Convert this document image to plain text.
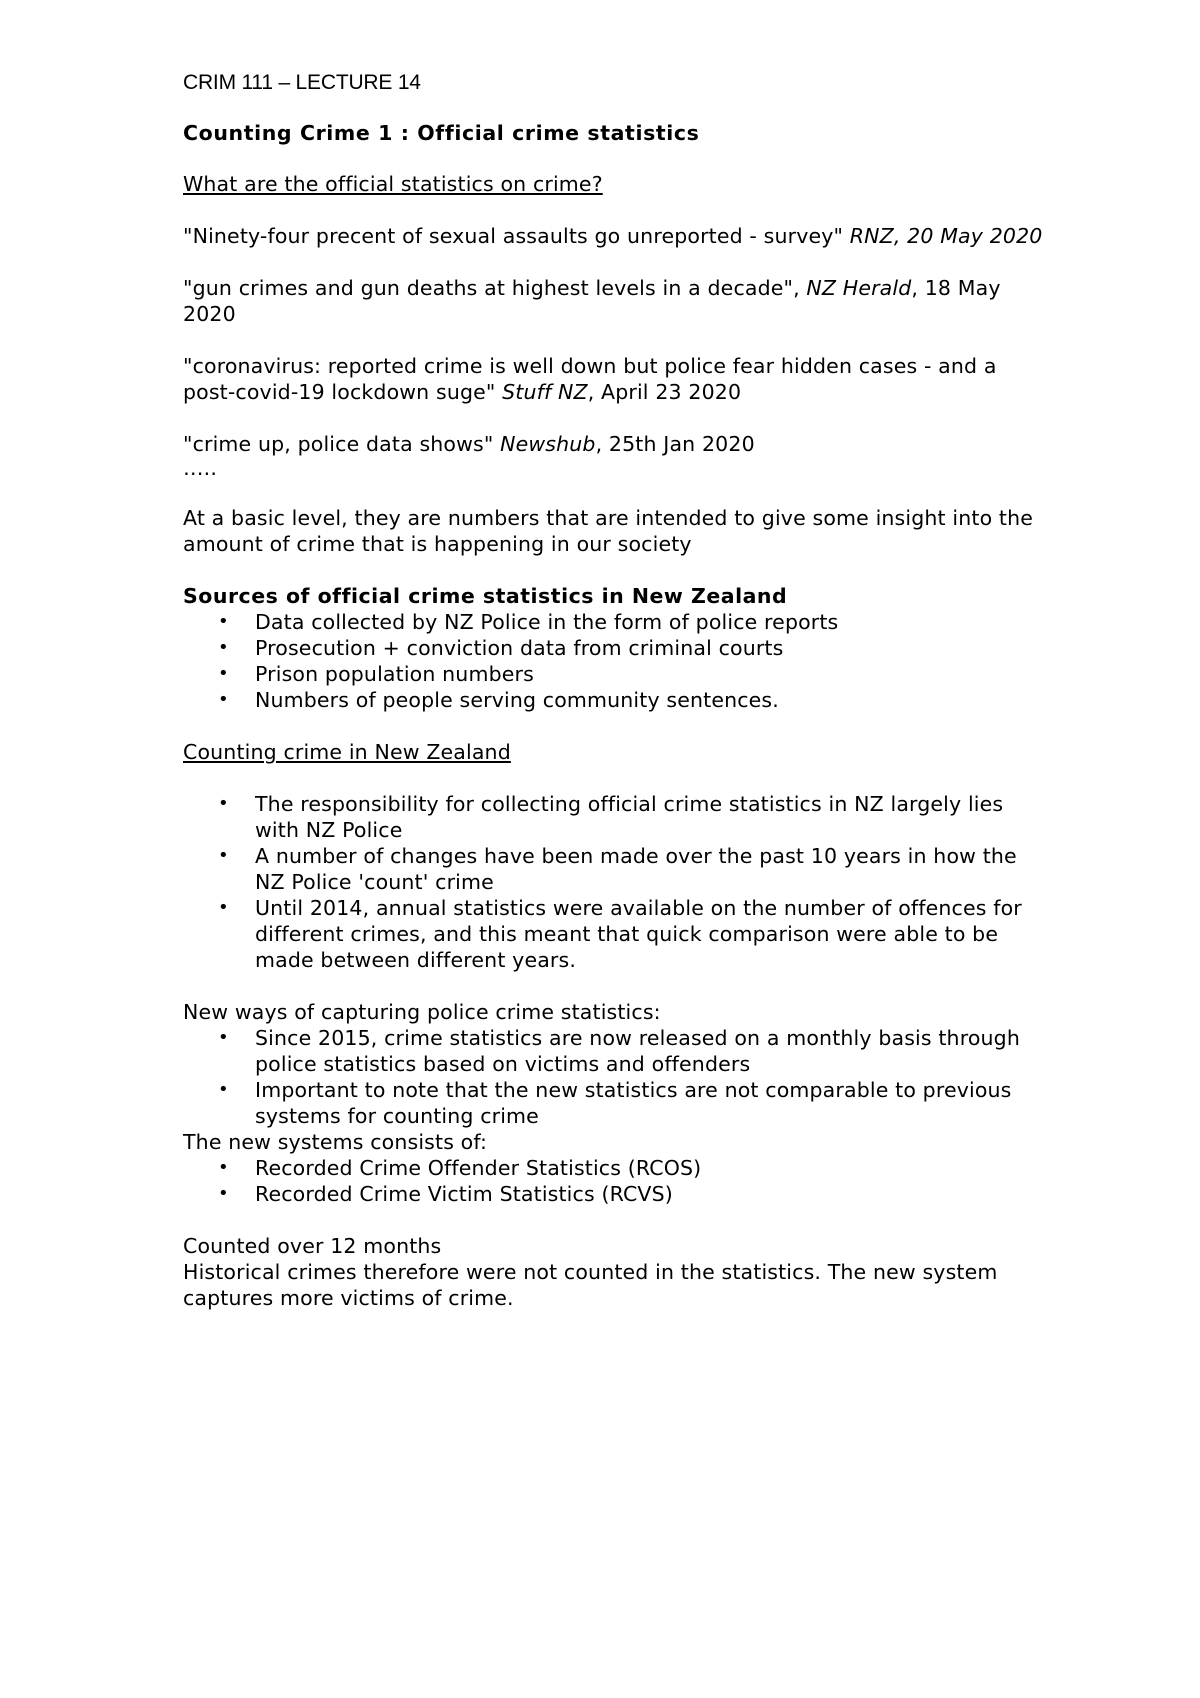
CRIM 111 – LECTURE 14
Counting Crime 1 : Official crime statistics
What are the official statistics on crime?
"Ninety-four precent of sexual assaults go unreported - survey" RNZ, 20 May 2020
"gun crimes and gun deaths at highest levels in a decade", NZ Herald, 18 May 2020
"coronavirus: reported crime is well down but police fear hidden cases - and a post-covid-19 lockdown suge" Stuff NZ, April 23 2020
"crime up, police data shows" Newshub, 25th Jan 2020
…..

At a basic level, they are numbers that are intended to give some insight into the amount of crime that is happening in our society

Sources of official crime statistics in New Zealand
• Data collected by NZ Police in the form of police reports
• Prosecution + conviction data from criminal courts
• Prison population numbers
• Numbers of people serving community sentences.
Counting crime in New Zealand
• The responsibility for collecting official crime statistics in NZ largely lies with NZ Police
• A number of changes have been made over the past 10 years in how the NZ Police 'count' crime
• Until 2014, annual statistics were available on the number of offences for different crimes, and this meant that quick comparison were able to be made between different years.
New ways of capturing police crime statistics:
• Since 2015, crime statistics are now released on a monthly basis through police statistics based on victims and offenders
• Important to note that the new statistics are not comparable to previous systems for counting crime
The new systems consists of:
• Recorded Crime Offender Statistics (RCOS)
• Recorded Crime Victim Statistics (RCVS)
Counted over 12 months
Historical crimes therefore were not counted in the statistics. The new system captures more victims of crime.
